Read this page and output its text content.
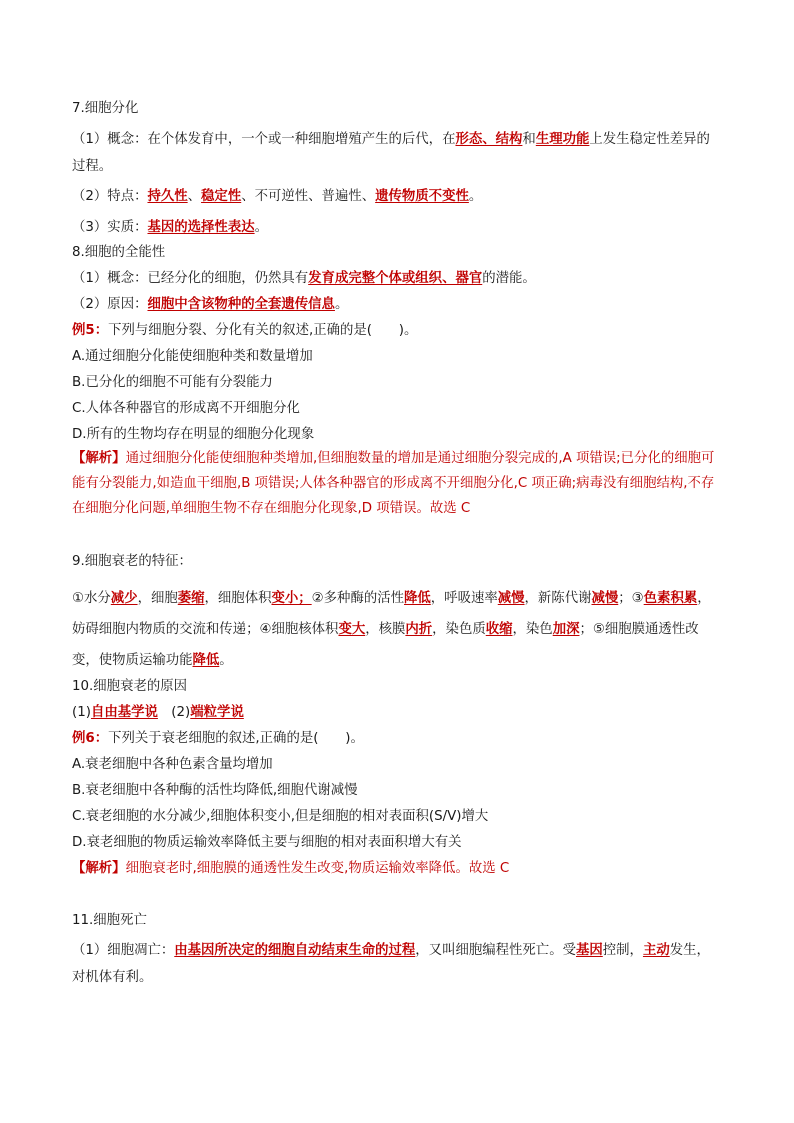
7.细胞分化

（1）概念：在个体发育中，一个或一种细胞增殖产生的后代，在形态、结构和生理功能上发生稳定性差异的过程。

（2）特点：持久性、稳定性、不可逆性、普遍性、遗传物质不变性。

（3）实质：基因的选择性表达。

8.细胞的全能性

（1）概念：已经分化的细胞，仍然具有发育成完整个体或组织、器官的潜能。

（2）原因：细胞中含该物种的全套遗传信息。

例5：下列与细胞分裂、分化有关的叙述,正确的是(　　)。

A.通过细胞分化能使细胞种类和数量增加

B.已分化的细胞不可能有分裂能力

C.人体各种器官的形成离不开细胞分化

D.所有的生物均存在明显的细胞分化现象

【解析】通过细胞分化能使细胞种类增加,但细胞数量的增加是通过细胞分裂完成的,A 项错误;已分化的细胞可能有分裂能力,如造血干细胞,B 项错误;人体各种器官的形成离不开细胞分化,C 项正确;病毒没有细胞结构,不存在细胞分化问题,单细胞生物不存在细胞分化现象,D 项错误。故选 C

9.细胞衰老的特征：

①水分减少，细胞萎缩，细胞体积变小；②多种酶的活性降低，呼吸速率减慢，新陈代谢减慢；③色素积累，妨碍细胞内物质的交流和传递；④细胞核体积变大，核膜内折，染色质收缩，染色加深；⑤细胞膜通透性改变，使物质运输功能降低。

10.细胞衰老的原因

(1)自由基学说　(2)端粒学说

例6：下列关于衰老细胞的叙述,正确的是(　　)。

A.衰老细胞中各种色素含量均增加

B.衰老细胞中各种酶的活性均降低,细胞代谢减慢

C.衰老细胞的水分减少,细胞体积变小,但是细胞的相对表面积(S/V)增大

D.衰老细胞的物质运输效率降低主要与细胞的相对表面积增大有关

【解析】细胞衰老时,细胞膜的通透性发生改变,物质运输效率降低。故选 C

11.细胞死亡

（1）细胞凋亡：由基因所决定的细胞自动结束生命的过程，又叫细胞编程性死亡。受基因控制，主动发生，对机体有利。
